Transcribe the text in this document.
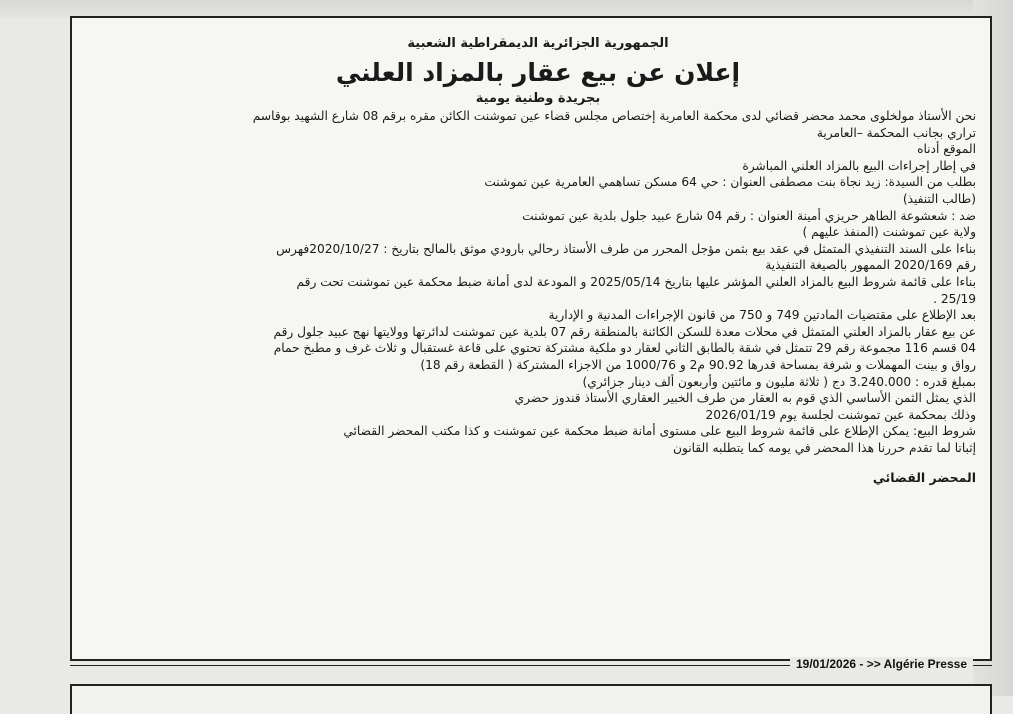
الجمهورية الجزائرية الديمقراطية الشعبية
إعلان عن بيع عقار بالمزاد العلني
بجريدة وطنية يومية
نحن الأستاذ مولخلوى محمد محضر قضائي لدى محكمة العامرية إختصاص مجلس قضاء عين تموشنت الكائن مقره برقم 08 شارع الشهيد بوقاسم
تراري بجانب المحكمة –العامرية
الموقع أدناه
في إطار إجراءات البيع بالمزاد العلني المباشرة
بطلب من السيدة: زيد نجاة بنت مصطفى العنوان : حي 64 مسكن تساهمي العامرية عين تموشنت
(طالب التنفيذ)
ضد : شعشوعة الطاهر حريزي أمينة العنوان : رقم 04 شارع عبيد جلول بلدية عين تموشنت
ولاية عين تموشنت (المنفذ عليهم )
بناءا على السند التنفيذي المتمثل في عقد بيع بثمن مؤجل المحرر من طرف الأستاذ رحالي بارودي موثق بالمالح بتاريخ : 2020/10/27فهرس
رقم 2020/169 الممهور بالصيغة التنفيذية
بناءا على قائمة شروط البيع بالمزاد العلني المؤشر عليها بتاريخ 2025/05/14 و المودعة لدى أمانة ضبط محكمة عين تموشنت تحت رقم
25/19 .
بعد الإطلاع على مقتضيات المادتين 749 و 750 من قانون الإجراءات المدنية و الإدارية
عن بيع عقار بالمزاد العلني المتمثل في محلات معدة للسكن الكائنة بالمنطقة رقم 07 بلدية عين تموشنت لدائرتها وولايتها نهج عبيد جلول رقم
04 قسم 116 مجموعة رقم 29 تتمثل في شقة بالطابق الثاني لعقار دو ملكية مشتركة تحتوي على قاعة غستقبال و ثلاث غرف و مطبخ حمام
رواق و بينت المهملات و شرفة بمساحة قدرها 90.92 م2 و 1000/76 من الاجزاء المشتركة ( القطعة رقم 18)
بمبلغ قدره : 3.240.000 دج ( ثلاثة مليون و مائتين وأربعون ألف دينار جزائري)
الذي يمثل الثمن الأساسي الذي قوم به العقار من طرف الخبير العقاري الأستاذ قندوز حضري
وذلك بمحكمة عين تموشنت لجلسة يوم 2026/01/19
شروط البيع: يمكن الإطلاع على قائمة شروط البيع على مستوى أمانة ضبط محكمة عين تموشنت و كذا مكتب المحضر القضائي
إثباتا لما تقدم حررنا هذا المحضر في يومه كما يتطلبه القانون
المحضر القضائي
19/01/2026 - >> Algérie Presse
